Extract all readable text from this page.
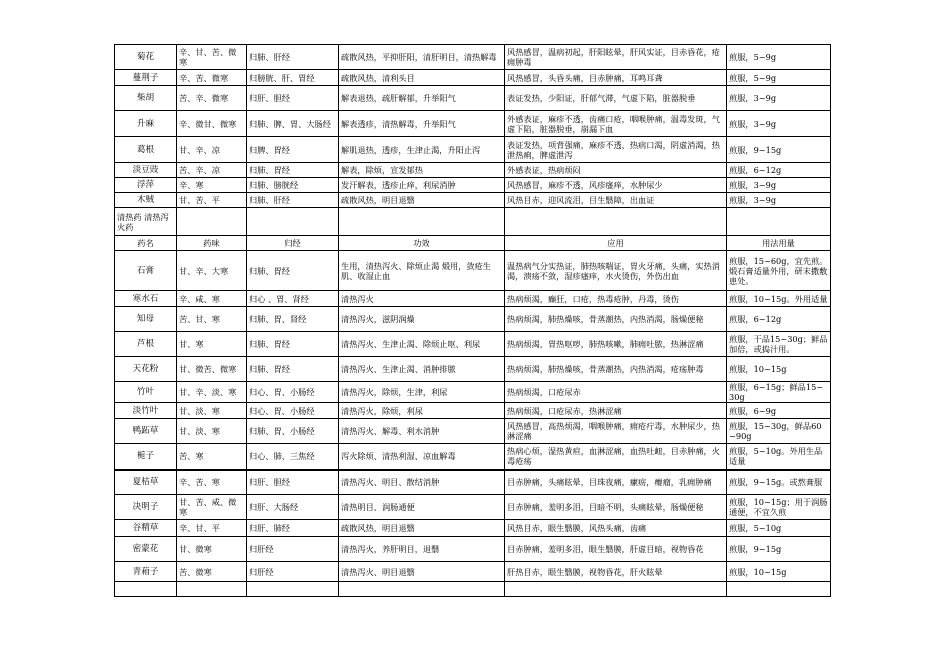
菊花	辛、甘、苦、微寒	归肺、肝经	疏散风热，平抑肝阳，清肝明目，清热解毒	风热感冒，温病初起，肝阳眩晕，肝风实证，目赤昏花，疮痈肿毒	煎服，5~9g
蔓荆子	辛、苦、微寒	归膀胱、肝、胃经	疏散风热，清利头目	风热感冒，头昏头痛，目赤肿痛，耳鸣耳聋	煎服，5~9g
柴胡	苦、辛、微寒	归肝、胆经	解表退热，疏肝解郁，升举阳气	表证发热，少阳证，肝郁气滞，气虚下陷，脏器脱垂	煎服，3~9g
升麻	辛、微甘、微寒	归肺、脾、胃、大肠经	解表透疹，清热解毒，升举阳气	外感表证，麻疹不透，齿痛口疮，咽喉肿痛，温毒发斑，气虚下陷，脏器脱垂，崩漏下血	煎服，3~9g
葛根	甘、辛、凉	归脾、胃经	解肌退热，透疹，生津止渴，升阳止泻	表证发热，项背强痛，麻疹不透，热病口渴，阴虚消渴，热泄热痢，脾虚泄泻	煎服，9~15g
淡豆豉	苦、辛、凉	归肺、胃经	解表，除烦，宣发郁热	外感表证，热病烦闷	煎服，6~12g
浮萍	辛、寒	归肺、膀胱经	发汗解表，透疹止痒，利尿消肿	风热感冒，麻疹不透，风疹瘙痒，水肿尿少	煎服，3~9g
木贼	甘、苦、平	归肺、肝经	疏散风热，明目退翳	风热目赤，迎风流泪，目生翳障，出血证	煎服，3~9g
清热药 清热泻火药					
药名	药味	归经	功效	应用	用法用量
石膏	甘、辛、大寒	归肺、胃经	生用，清热泻火、除烦止渴 煅用，敛疮生肌、收湿止血	温热病气分实热证，肺热咳喘证，胃火牙痛，头痛，实热消渴，溃疡不敛，湿疹瘙痒，水火烫伤，外伤出血	煎服，15~60g，宜先煎。煅石膏适量外用，研末撒敷患处。
寒水石	辛、咸、寒	归心 、胃、肾经	清热泻火	热病烦渴，癫狂，口疮，热毒疮肿，丹毒，烫伤	煎服，10~15g。外用适量
知母	苦、甘、寒	归肺、胃、肾经	清热泻火，滋阴润燥	热病烦渴，肺热燥咳，骨蒸潮热，内热消渴，肠燥便秘	煎服，6~12g
芦根	甘、寒	归肺、胃经	清热泻火、生津止渴、除烦止呕、利尿	热病烦渴，胃热呕哕，肺热咳嗽，肺痈吐脓，热淋涩痛	煎服，干品15~30g；鲜品加倍，或捣汁用。
天花粉	甘、微苦、微寒	归肺、胃经	清热泻火、生津止渴、消肿排脓	热病烦渴，肺热燥咳，骨蒸潮热，内热消渴，疮疡肿毒	煎服，10~15g
竹叶	甘、辛、淡、寒	归心、胃、小肠经	清热泻火，除烦，生津，利尿	热病烦渴，口疮尿赤	煎服，6~15g；鲜品15~30g
淡竹叶	甘、淡、寒	归心、胃、小肠经	清热泻火，除烦，利尿	热病烦渴，口疮尿赤，热淋涩痛	煎服，6~9g
鸭跖草	甘、淡、寒	归肺、胃、小肠经	清热泻火、解毒、利水消肿	风热感冒，高热烦渴，咽喉肿痛，痈疮疔毒，水肿尿少，热淋涩痛	煎服，15~30g，鲜品60~90g
栀子	苦、寒	归心、肺、三焦经	泻火除烦、清热利湿、凉血解毒	热病心烦，湿热黄疸，血淋涩痛，血热吐衄，目赤肿痛，火毒疮疡	煎服，5~10g。外用生品适量
夏枯草	辛、苦、寒	归肝、胆经	清热泻火、明目、散结消肿	目赤肿痛，头痛眩晕，目珠夜痛，瘰疬，瘿瘤，乳痈肿痛	煎服，9~15g。或熬膏服
决明子	甘、苦、咸、微寒	归肝、大肠经	清热明目、润肠通便	目赤肿痛，羞明多泪，目暗不明，头痛眩晕，肠燥便秘	煎服，10~15g；用于润肠通便，不宜久煎
谷精草	辛、甘、平	归肝、肺经	疏散风热，明目退翳	风热目赤，眼生翳膜，风热头痛，齿痛	煎服，5~10g
密蒙花	甘、微寒	归肝经	清热泻火，养肝明目，退翳	目赤肿痛，羞明多泪，眼生翳膜，肝虚目暗，视物昏花	煎服，9~15g
青葙子	苦、微寒	归肝经	清热泻火、明目退翳	肝热目赤，眼生翳膜，视物昏花，肝火眩晕	煎服，10~15g
